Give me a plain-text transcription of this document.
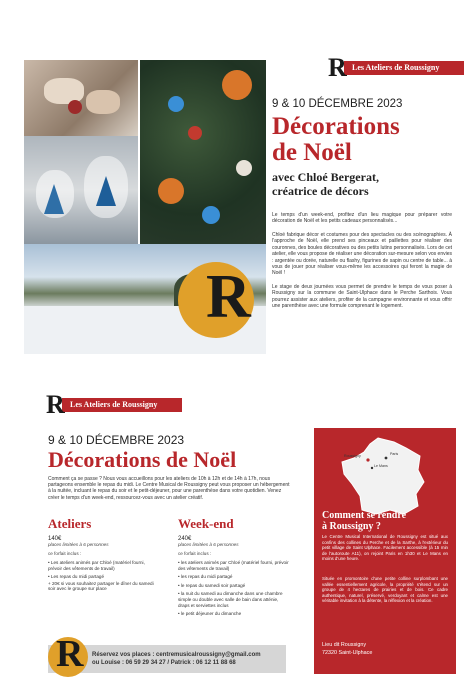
Les Ateliers de Roussigny
R
9 & 10 DÉCEMBRE 2023
Décorations
de Noël
avec Chloé Bergerat,
créatrice de décors
Le temps d'un week-end, profitez d'un lieu magique pour préparer votre décoration de Noël et les petits cadeaux personnalisés...
Chloé fabrique décor et costumes pour des spectacles ou des scénographies. À l'approche de Noël, elle prend ses pinceaux et paillettes pour réaliser des couronnes, des boules décoratives ou des petits lutins personnalisés. Lors de cet atelier, elle vous propose de réaliser une décoration sur-mesure selon vos envies : argentée ou dorée, naturelle ou flashy, figurines de sapin ou centre de table... à vous de jouer pour réaliser vous-même les accessoires qui feront la magie de Noël !
Le stage de deux journées vous permet de prendre le temps de vous poser à Roussigny sur la commune de Saint-Ulphace dans le Perche Sarthois. Vous pourrez assister aux ateliers, profiter de la campagne environnante et vous offrir une parenthèse avec une formule comprenant le logement.
R
Les Ateliers de Roussigny
R
9 & 10 DÉCEMBRE 2023
Décorations de Noël
Comment ça se passe ? Nous vous accueillons pour les ateliers de 10h à 12h et de 14h à 17h, nous partageons ensemble le repas du midi. Le Centre Musical de Roussigny peut vous proposer un hébergement à la nuitée, incluant le repas du soir et le petit-déjeuner, pour une parenthèse dans votre quotidien. Venez créer le temps d'un week-end, ressourcez-vous avec un atelier créatif.
Ateliers
140€
places limitées à 6 personnes
ce forfait inclus :
• Les ateliers animés par Chloé (matériel fourni, prévoir des vêtements de travail)
• Les repas du midi partagé
+ 20€ si vous souhaitez partager le dîner du samedi soir avec le groupe sur place
Week-end
240€
places limitées à 6 personnes
ce forfait inclus :
• les ateliers animés par Chloé (matériel fourni, prévoir des vêtements de travail)
• les repas du midi partagé
• le repas du samedi soir partagé
• la nuit du samedi au dimanche dans une chambre simple ou double avec salle de bain dans atténie, draps et serviettes inclus
• le petit déjeuner du dimanche
Roussigny	Paris
Le Mans
Comment se rendre
à Roussigny ?
Le Centre Musical International de Roussigny est situé aux confins des collines du Perche et de la Sarthe, à l'extérieur du petit village de Saint Ulphace. Facilement accessible (à 15 min de l'autoroute A11), on rejoint Paris en 1h30 et Le Mans en moins d'une heure.
Située en promontoire d'une petite colline surplombant une vallée essentiellement agricole, la propriété s'étend sur un groupe de 4 hectares de prairies et de bois. Ce cadre authentique, naturel, préservé, verdoyant et calme est une véritable invitation à la détente, la réflexion et la création.
Lieu dit Roussigny
72320 Saint-Ulphace
R Réservez vos places : centremusicalroussigny@gmail.com
ou Louise : 06 59 29 34 27 / Patrick : 06 12 11 88 68
